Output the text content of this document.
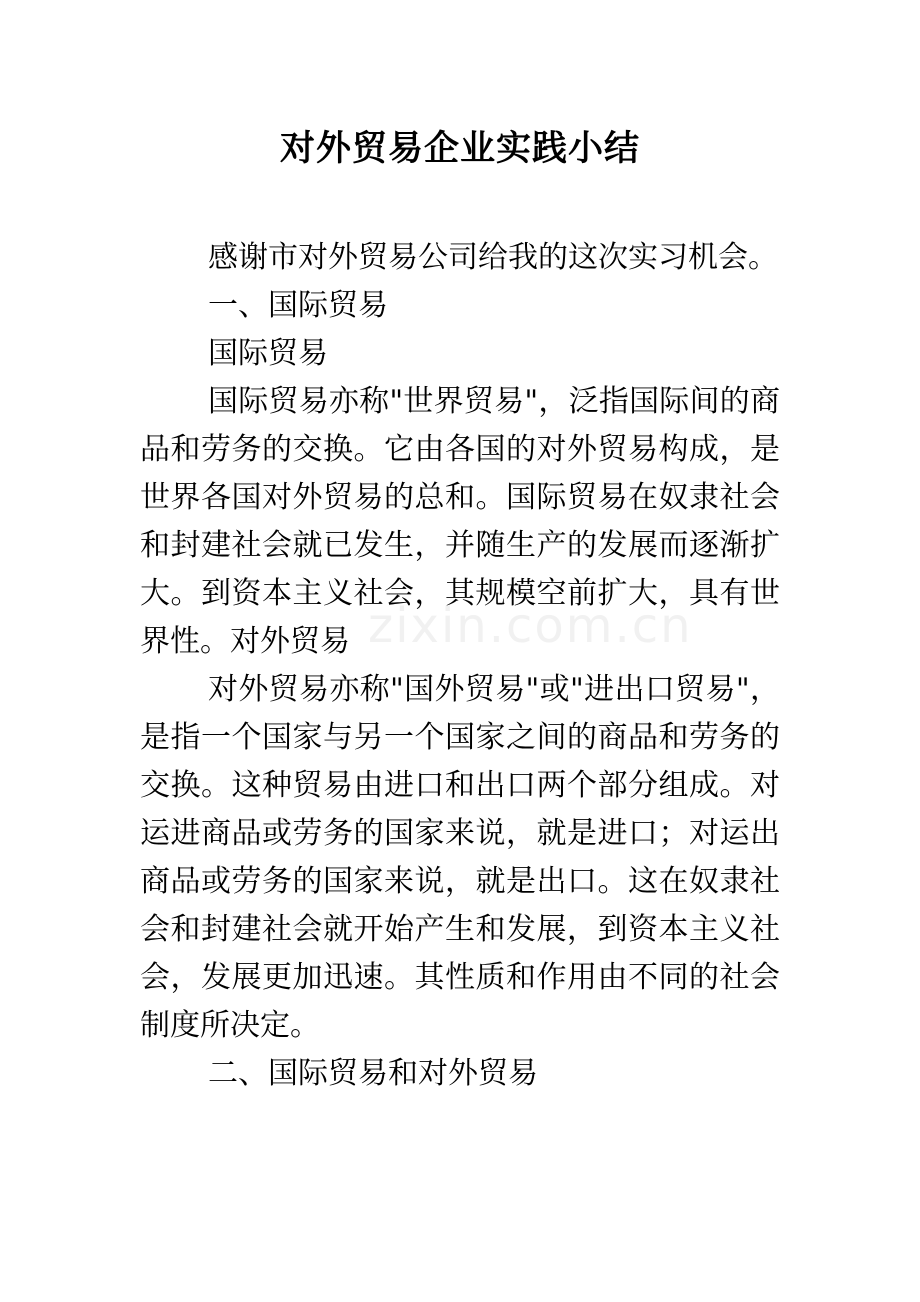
对外贸易企业实践小结

感谢市对外贸易公司给我的这次实习机会。

一、国际贸易

国际贸易

国际贸易亦称"世界贸易"，泛指国际间的商品和劳务的交换。它由各国的对外贸易构成，是世界各国对外贸易的总和。国际贸易在奴隶社会和封建社会就已发生，并随生产的发展而逐渐扩大。到资本主义社会，其规模空前扩大，具有世界性。对外贸易

对外贸易亦称"国外贸易"或"进出口贸易"， 是指一个国家与另一个国家之间的商品和劳务的交换。这种贸易由进口和出口两个部分组成。对运进商品或劳务的国家来说，就是进口；对运出商品或劳务的国家来说，就是出口。这在奴隶社会和封建社会就开始产生和发展，到资本主义社会，发展更加迅速。其性质和作用由不同的社会制度所决定。

二、国际贸易和对外贸易

zixin.com.cn
